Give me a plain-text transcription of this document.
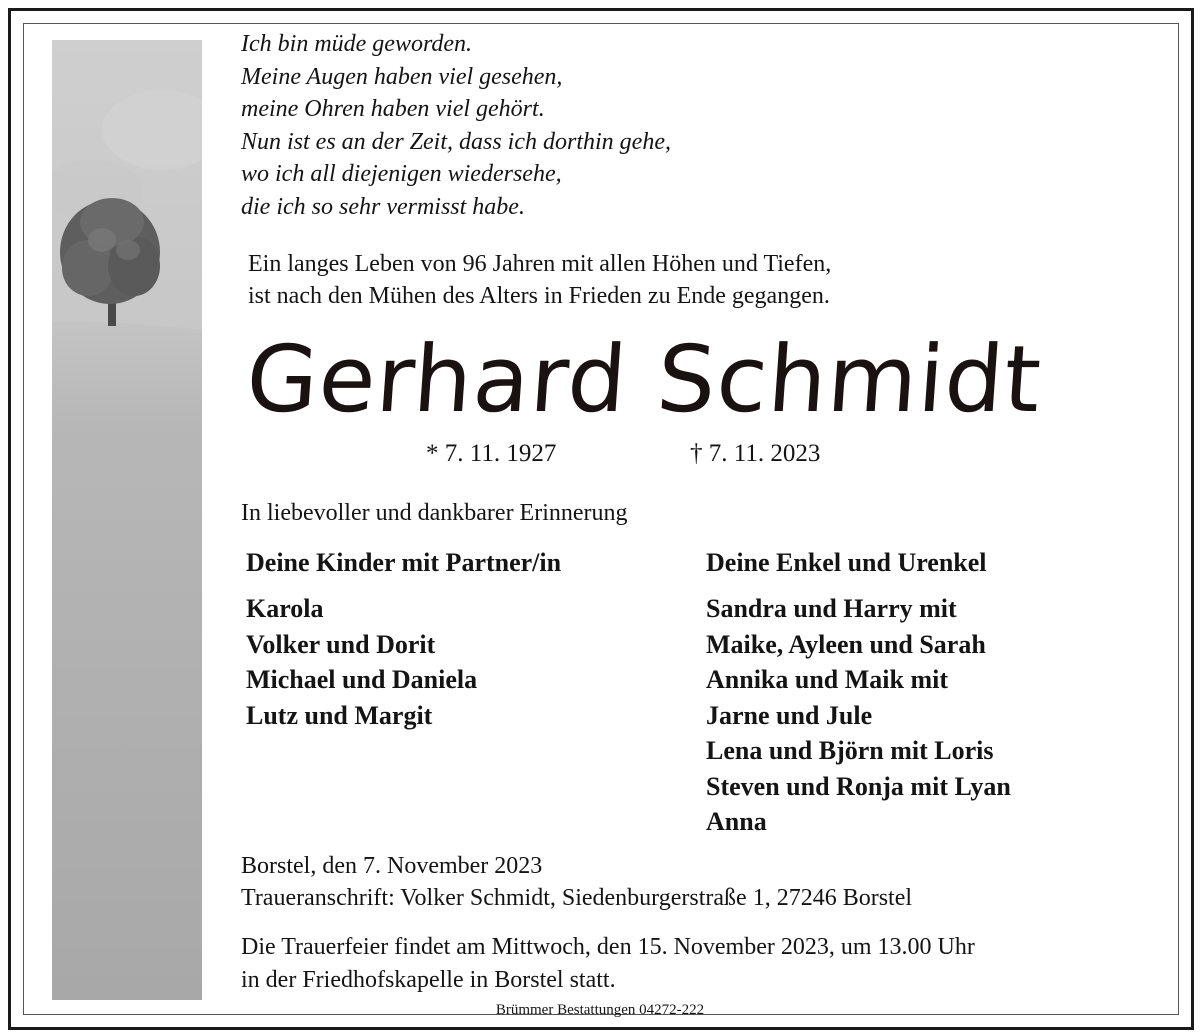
Ich bin müde geworden.
Meine Augen haben viel gesehen,
meine Ohren haben viel gehört.
Nun ist es an der Zeit, dass ich dorthin gehe,
wo ich all diejenigen wiedersehe,
die ich so sehr vermisst habe.
Ein langes Leben von 96 Jahren mit allen Höhen und Tiefen,
ist nach den Mühen des Alters in Frieden zu Ende gegangen.
Gerhard Schmidt
* 7. 11. 1927	† 7. 11. 2023
In liebevoller und dankbarer Erinnerung
Deine Kinder mit Partner/in
Karola
Volker und Dorit
Michael und Daniela
Lutz und Margit
Deine Enkel und Urenkel
Sandra und Harry mit
Maike, Ayleen und Sarah
Annika und Maik mit
Jarne und Jule
Lena und Björn mit Loris
Steven und Ronja mit Lyan
Anna
Borstel, den 7. November 2023
Traueranschrift: Volker Schmidt, Siedenburgerstraße 1, 27246 Borstel
Die Trauerfeier findet am Mittwoch, den 15. November 2023, um 13.00 Uhr
in der Friedhofskapelle in Borstel statt.
Brümmer Bestattungen 04272-222
